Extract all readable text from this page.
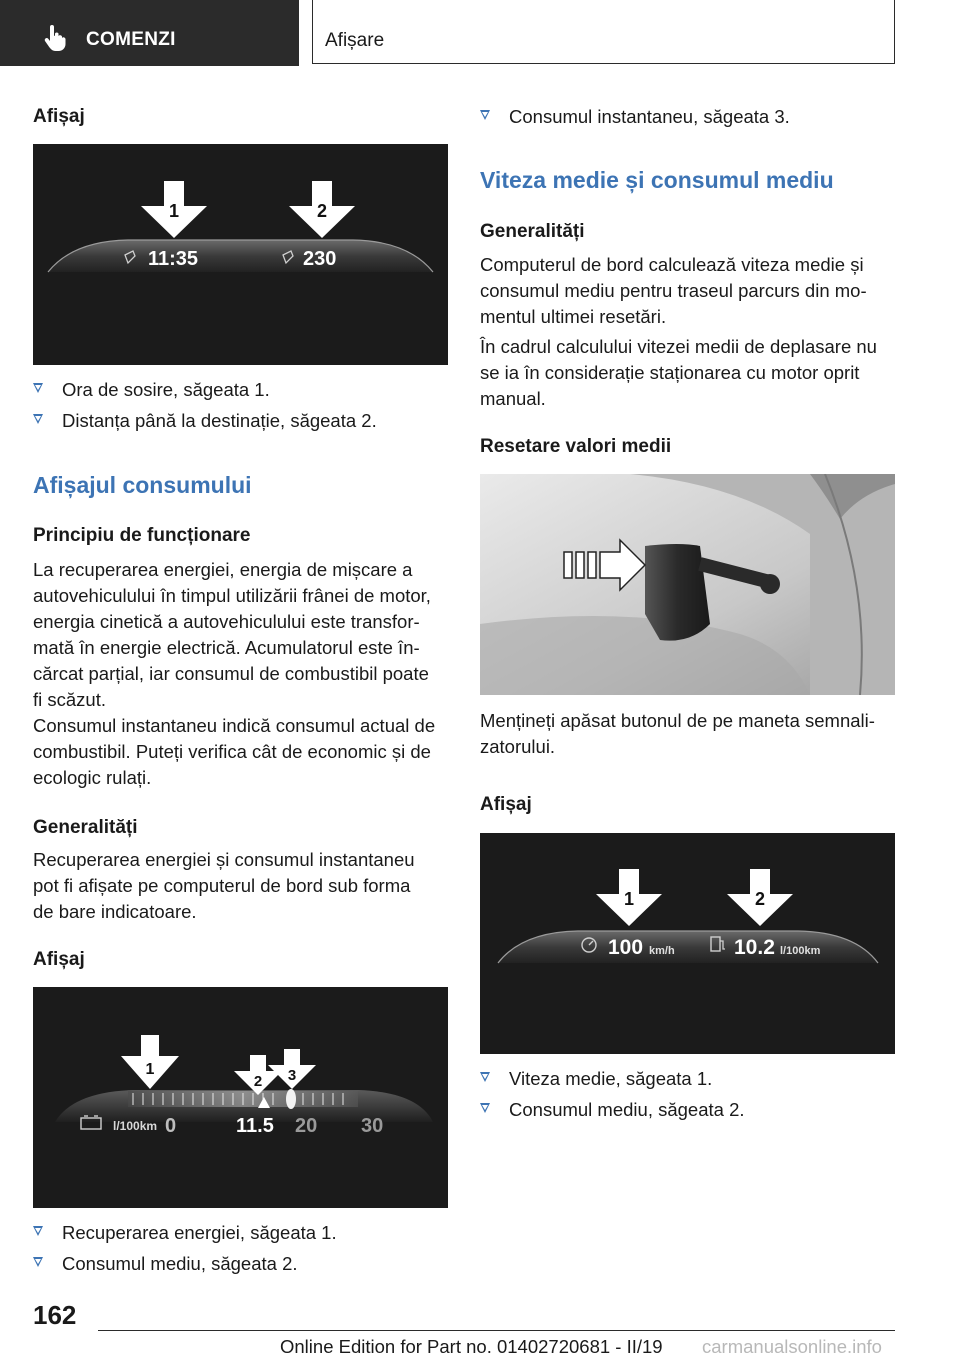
COMENZI	Afișare
Afișaj
1	2
11:35	230
Ora de sosire, săgeata 1.
Distanța până la destinație, săgeata 2.
Afișajul consumului
Principiu de funcționare
La recuperarea energiei, energia de mișcare a
autovehiculului în timpul utilizării frânei de motor,
energia cinetică a autovehiculului este transfor-
mată în energie electrică. Acumulatorul este în-
cărcat parțial, iar consumul de combustibil poate
fi scăzut.
Consumul instantaneu indică consumul actual de
combustibil. Puteți verifica cât de economic și de
ecologic rulați.
Generalități
Recuperarea energiei și consumul instantaneu
pot fi afișate pe computerul de bord sub forma
de bare indicatoare.
Afișaj
1
2 3
l/100km 0	11.5 20 30
Recuperarea energiei, săgeata 1.
Consumul mediu, săgeata 2.
Consumul instantaneu, săgeata 3.
Viteza medie și consumul mediu
Generalități
Computerul de bord calculează viteza medie și
consumul mediu pentru traseul parcurs din mo-
mentul ultimei resetări.
În cadrul calculului vitezei medii de deplasare nu
se ia în considerație staționarea cu motor oprit
manual.
Resetare valori medii
Mențineți apăsat butonul de pe maneta semnali-
zatorului.
Afișaj
1	2
100 km/h	10.2 l/100km
Viteza medie, săgeata 1.
Consumul mediu, săgeata 2.
162
Online Edition for Part no. 01402720681 - II/19 carmanualsonline.info
